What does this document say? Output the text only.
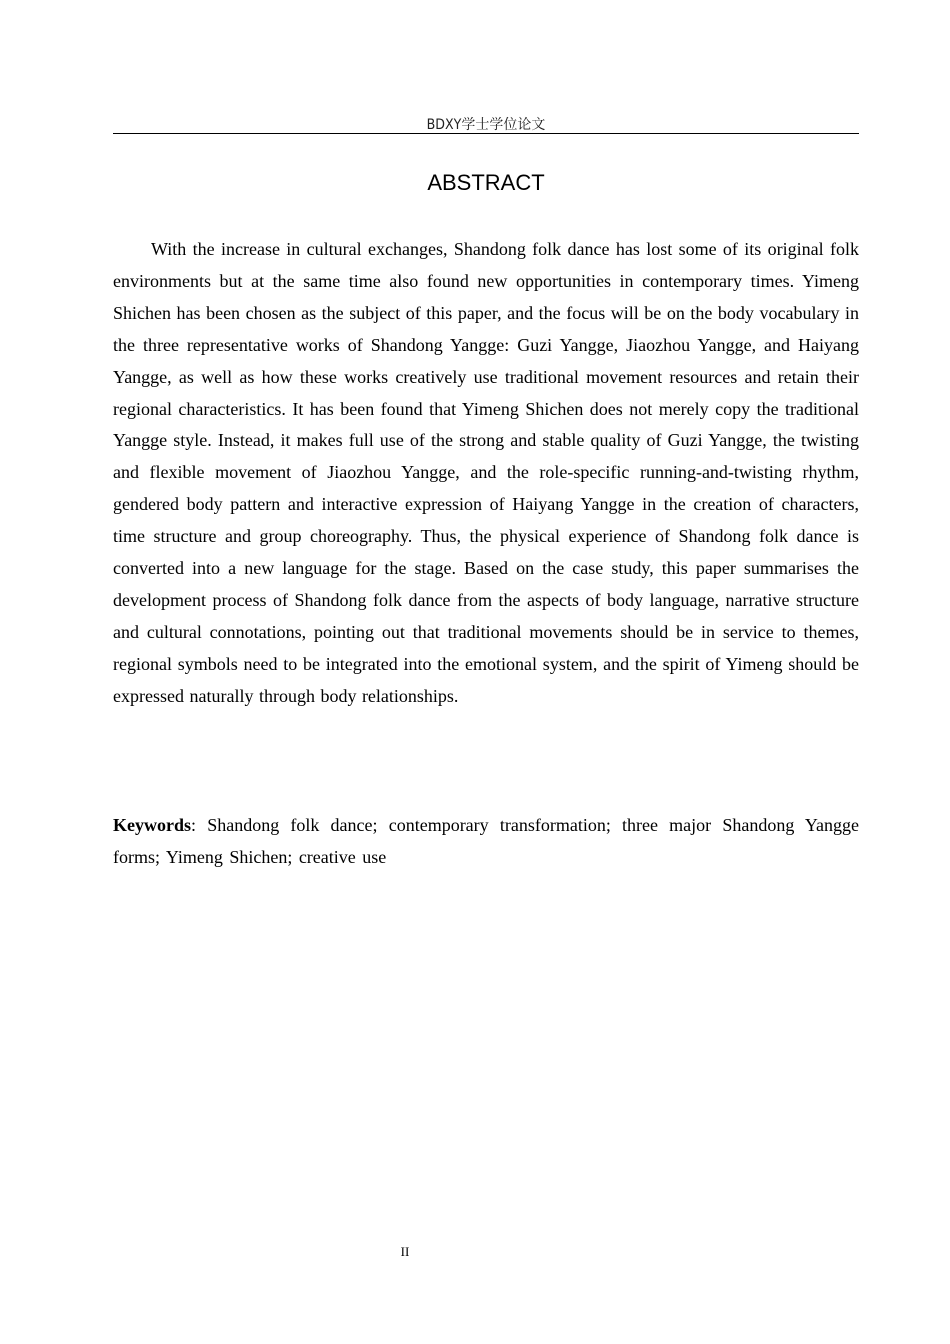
BDXY学士学位论文
ABSTRACT

With the increase in cultural exchanges, Shandong folk dance has lost some of its original folk environments but at the same time also found new opportunities in contemporary times. Yimeng Shichen has been chosen as the subject of this paper, and the focus will be on the body vocabulary in the three representative works of Shandong Yangge: Guzi Yangge, Jiaozhou Yangge, and Haiyang Yangge, as well as how these works creatively use traditional movement resources and retain their regional characteristics. It has been found that Yimeng Shichen does not merely copy the traditional Yangge style. Instead, it makes full use of the strong and stable quality of Guzi Yangge, the twisting and flexible movement of Jiaozhou Yangge, and the role-specific running-and-twisting rhythm, gendered body pattern and interactive expression of Haiyang Yangge in the creation of characters, time structure and group choreography. Thus, the physical experience of Shandong folk dance is converted into a new language for the stage. Based on the case study, this paper summarises the development process of Shandong folk dance from the aspects of body language, narrative structure and cultural connotations, pointing out that traditional movements should be in service to themes, regional symbols need to be integrated into the emotional system, and the spirit of Yimeng should be expressed naturally through body relationships.

Keywords: Shandong folk dance; contemporary transformation; three major Shandong Yangge forms; Yimeng Shichen; creative use

II
